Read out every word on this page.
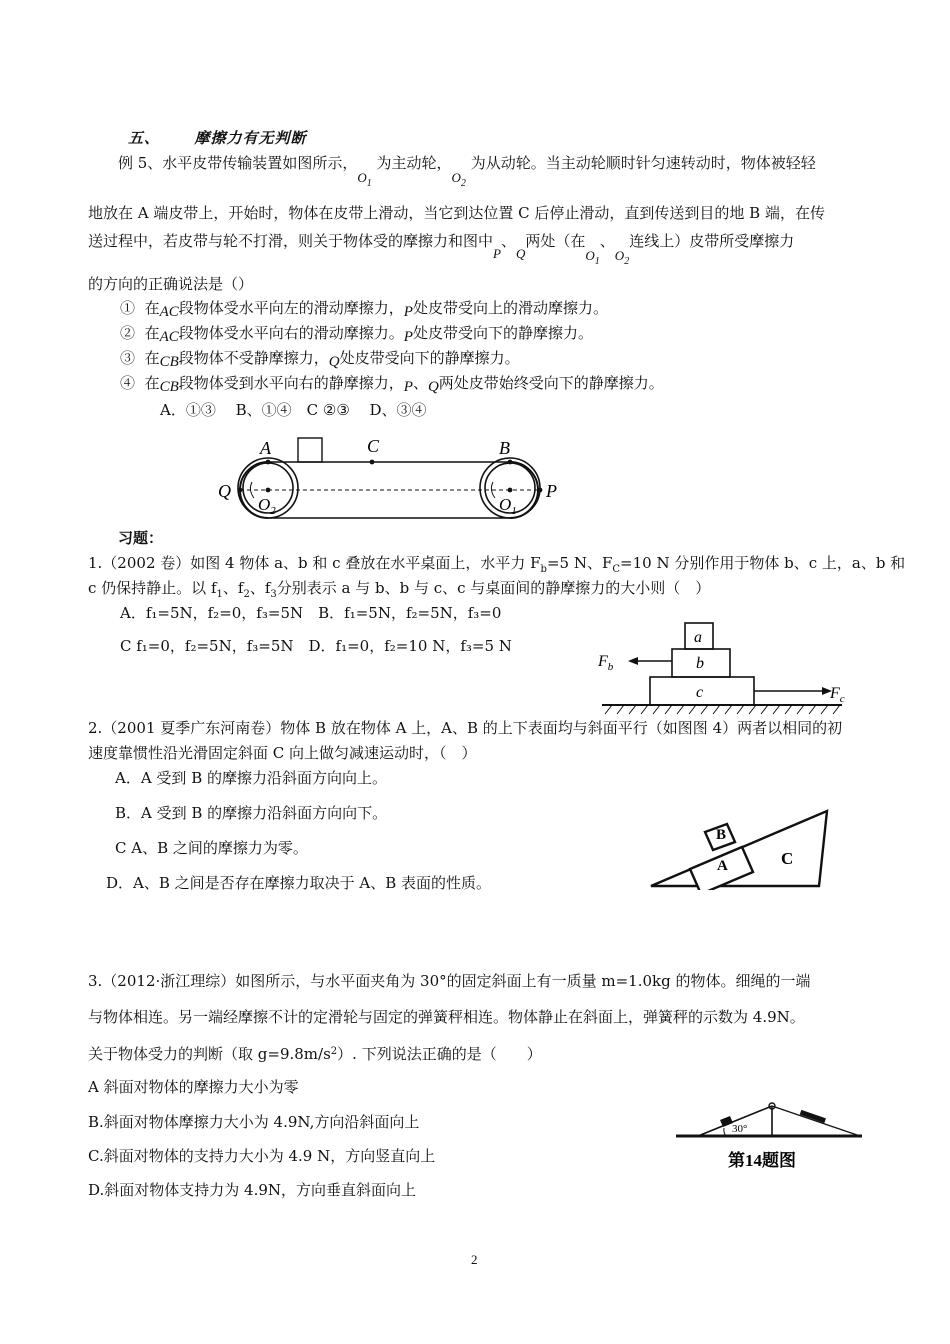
五、 摩擦力有无判断
例 5、水平皮带传输装置如图所示，$O_1$ 为主动轮，$O_2$ 为从动轮。当主动轮顺时针匀速转动时，物体被轻轻
地放在 A 端皮带上，开始时，物体在皮带上滑动，当它到达位置 C 后停止滑动，直到传送到目的地 B 端，在传
送过程中，若皮带与轮不打滑，则关于物体受的摩擦力和图中P、Q两处（在$O_1$、$O_2$连线上）皮带所受摩擦力
的方向的正确说法是（）
① 在AC段物体受水平向左的滑动摩擦力，P处皮带受向上的滑动摩擦力。
② 在AC段物体受水平向右的滑动摩擦力。P处皮带受向下的静摩擦力。
③ 在CB段物体不受静摩擦力，Q处皮带受向下的静摩擦力。
④ 在CB段物体受到水平向右的静摩擦力，P、Q两处皮带始终受向下的静摩擦力。
A．①③　 B、①④　C ②③　 D、③④
A	C	B
Q	P
$O_2$	$O_1$
习题：
1.（2002 卷）如图 4 物体 a、b 和 c 叠放在水平桌面上，水平力 $F_b=5$ N、$F_C=10$ N 分别作用于物体 b、c 上，a、b 和
c 仍保持静止。以 $f_1$、$f_2$、$f_3$分别表示 a 与 b、b 与 c、c 与桌面间的静摩擦力的大小则（　）
A．f₁=5N，f₂=0，f₃=5N　B．f₁=5N，f₂=5N，f₃=0
C f₁=0，f₂=5N，f₃=5N　D．f₁=0，f₂=10 N，f₃=5 N	a
b
c
$F_b$
$F_c$
2.（2001 夏季广东河南卷）物体 B 放在物体 A 上，A、B 的上下表面均与斜面平行（如图图 4）两者以相同的初
速度靠惯性沿光滑固定斜面 C 向上做匀减速运动时，（　）
A．A 受到 B 的摩擦力沿斜面方向向上。
B．A 受到 B 的摩擦力沿斜面方向向下。
C A、B 之间的摩擦力为零。
D．A、B 之间是否存在摩擦力取决于 A、B 表面的性质。
B
A	C
3.（2012·浙江理综）如图所示，与水平面夹角为 30°的固定斜面上有一质量 m=1.0kg 的物体。细绳的一端
与物体相连。另一端经摩擦不计的定滑轮与固定的弹簧秤相连。物体静止在斜面上，弹簧秤的示数为 4.9N。
关于物体受力的判断（取 $g=9.8m/s^2$）. 下列说法正确的是（　　）
A 斜面对物体的摩擦力大小为零
B.斜面对物体摩擦力大小为 4.9N,方向沿斜面向上
C.斜面对物体的支持力大小为 4.9 N，方向竖直向上
D.斜面对物体支持力为 4.9N，方向垂直斜面向上
30°
第14题图
2
